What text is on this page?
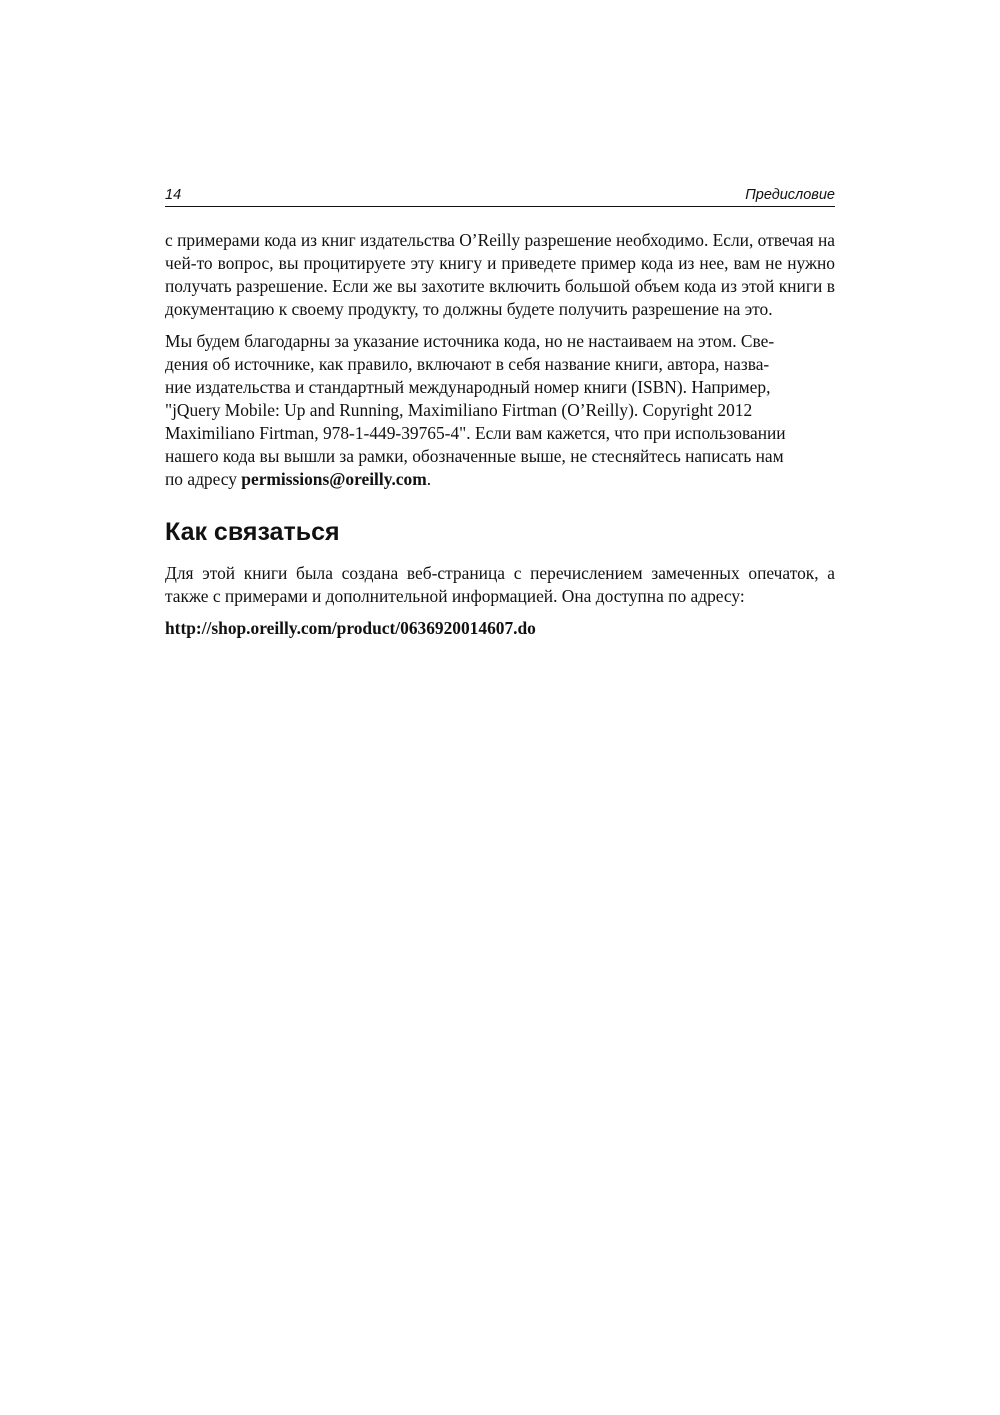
14	Предисловие

с примерами кода из книг издательства O’Reilly разрешение необходимо. Если, отвечая на чей-то вопрос, вы процитируете эту книгу и приведете пример кода из нее, вам не нужно получать разрешение. Если же вы захотите включить большой объем кода из этой книги в документацию к своему продукту, то должны будете получить разрешение на это.

Мы будем благодарны за указание источника кода, но не настаиваем на этом. Све-
дения об источнике, как правило, включают в себя название книги, автора, назва-
ние издательства и стандартный международный номер книги (ISBN). Например,
"jQuery Mobile: Up and Running, Maximiliano Firtman (O’Reilly). Copyright 2012
Maximiliano Firtman, 978-1-449-39765-4". Если вам кажется, что при использовании
нашего кода вы вышли за рамки, обозначенные выше, не стесняйтесь написать нам
по адресу permissions@oreilly.com.

Как связаться

Для этой книги была создана веб-страница с перечислением замеченных опечаток, а также с примерами и дополнительной информацией. Она доступна по адресу:

http://shop.oreilly.com/product/0636920014607.do
